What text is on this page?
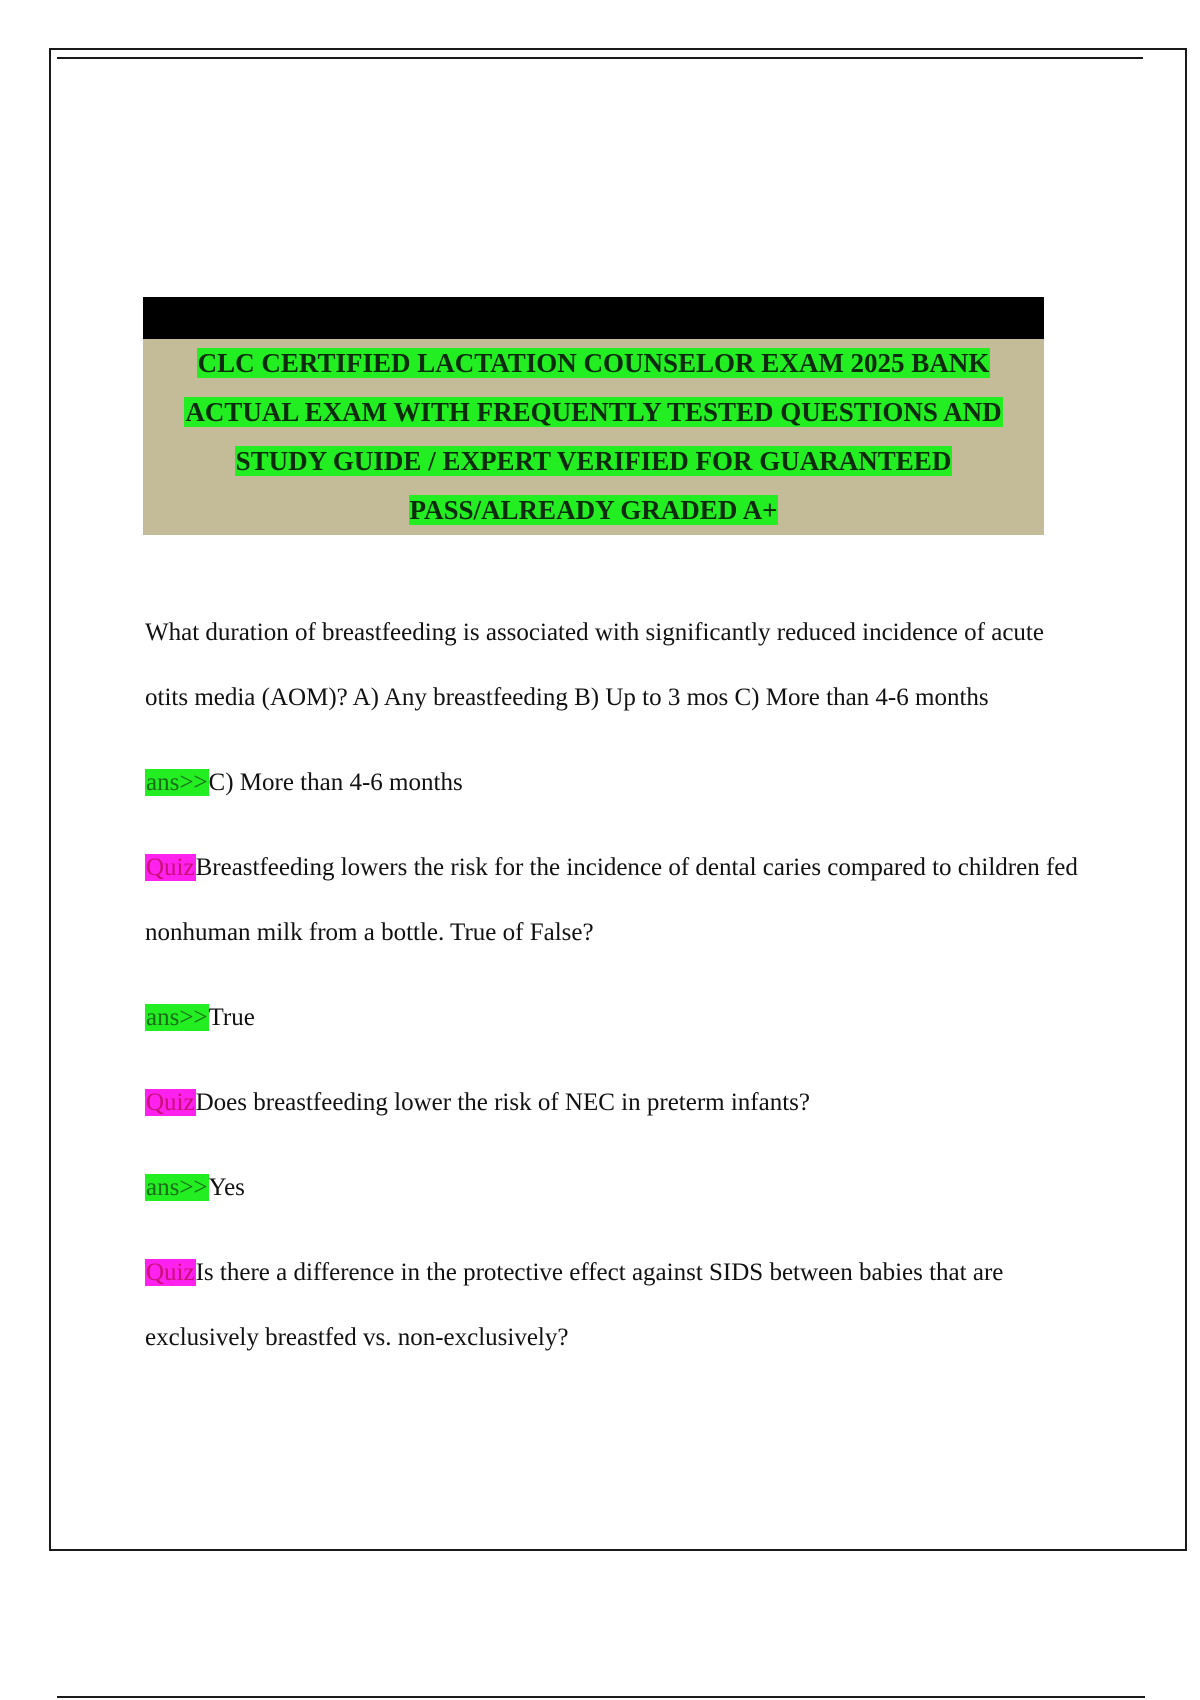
CLC CERTIFIED LACTATION COUNSELOR EXAM 2025 BANK
ACTUAL EXAM WITH FREQUENTLY TESTED QUESTIONS AND
STUDY GUIDE / EXPERT VERIFIED FOR GUARANTEED
PASS/ALREADY GRADED A+

What duration of breastfeeding is associated with significantly reduced incidence of acute otits media (AOM)? A) Any breastfeeding B) Up to 3 mos C) More than 4-6 months

ans>>C) More than 4-6 months

QuizBreastfeeding lowers the risk for the incidence of dental caries compared to children fed nonhuman milk from a bottle. True of False?

ans>>True

QuizDoes breastfeeding lower the risk of NEC in preterm infants?

ans>>Yes

QuizIs there a difference in the protective effect against SIDS between babies that are exclusively breastfed vs. non-exclusively?
